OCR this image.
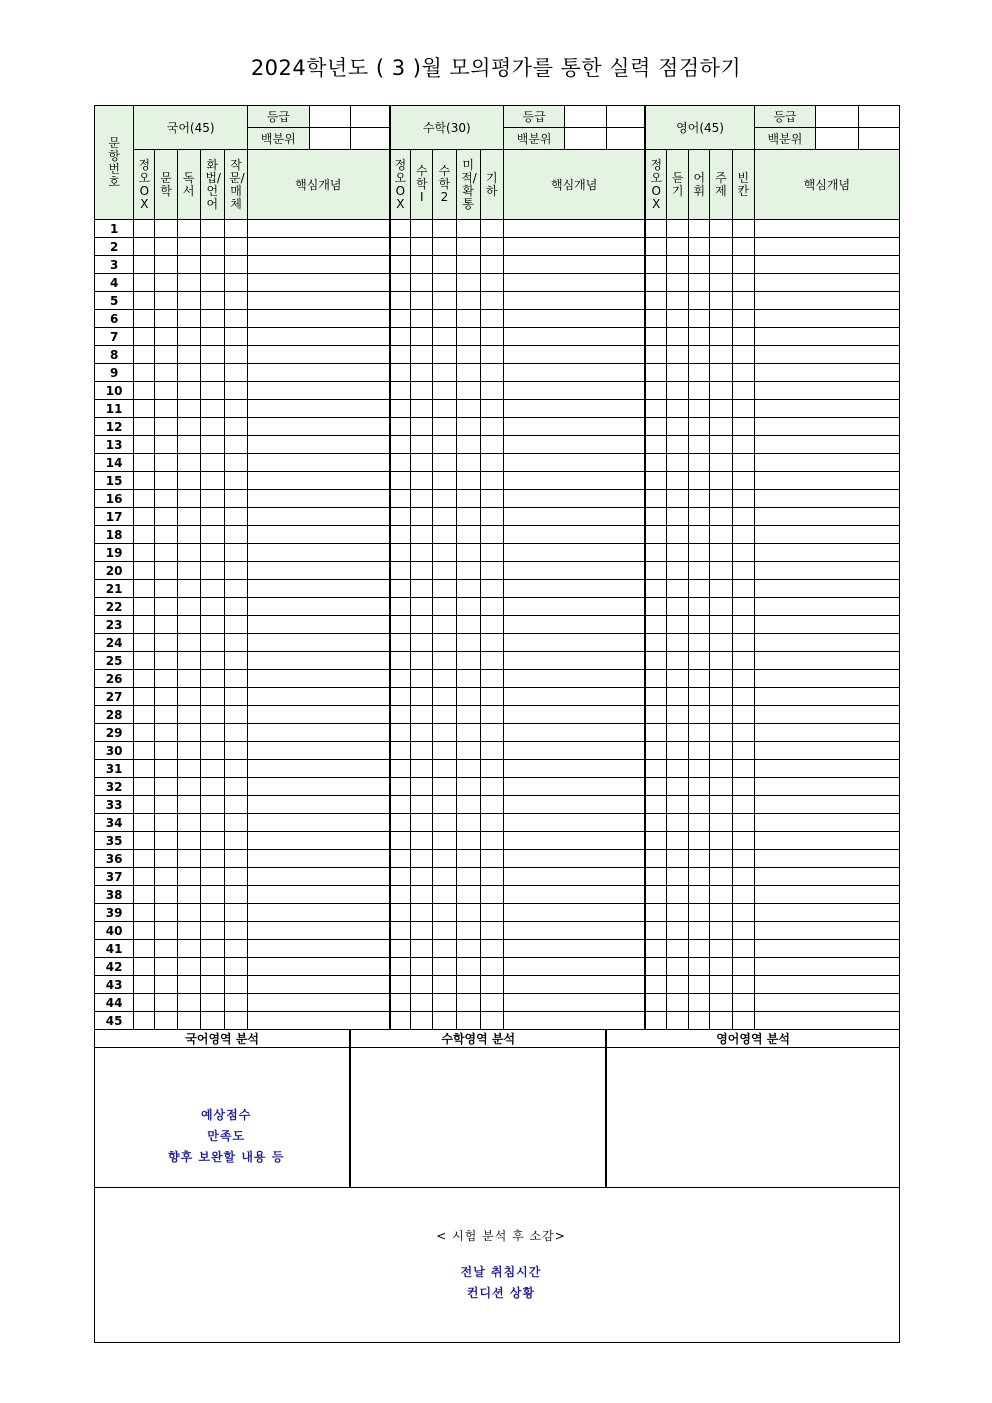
2024학년도 ( 3 )월 모의평가를 통한 실력 점검하기
문항번호	국어(45)					등급			수학(30)					등급			영어(45)					등급		
						백분위								백분위								백분위		

	정오OX	문학	독서	화법/언어	작문/매체	핵심개념			정오OX	수학Ⅰ	수학2	미적/확통	기하	핵심개념			정오OX	듣기	어휘	주제	빈칸	핵심개념		
1																								
2																								
3																								
4																								
5																								
6																								
7																								
8																								
9																								
10																								
11																								
12																								
13																								
14																								
15																								
16																								
17																								
18																								
19																								
20																								
21																								
22																								
23																								
24																								
25																								
26																								
27																								
28																								
29																								
30																								
31																								
32																								
33																								
34																								
35																								
36																								
37																								
38																								
39																								
40																								
41																								
42																								
43																								
44																								
45																								
국어영역 분석								수학영역 분석								영어영역 분석								

예상점수
만족도
향후 보완할 내용 등																								

< 시험 분석 후 소감>
전날 취침시간
컨디션 상황																								
